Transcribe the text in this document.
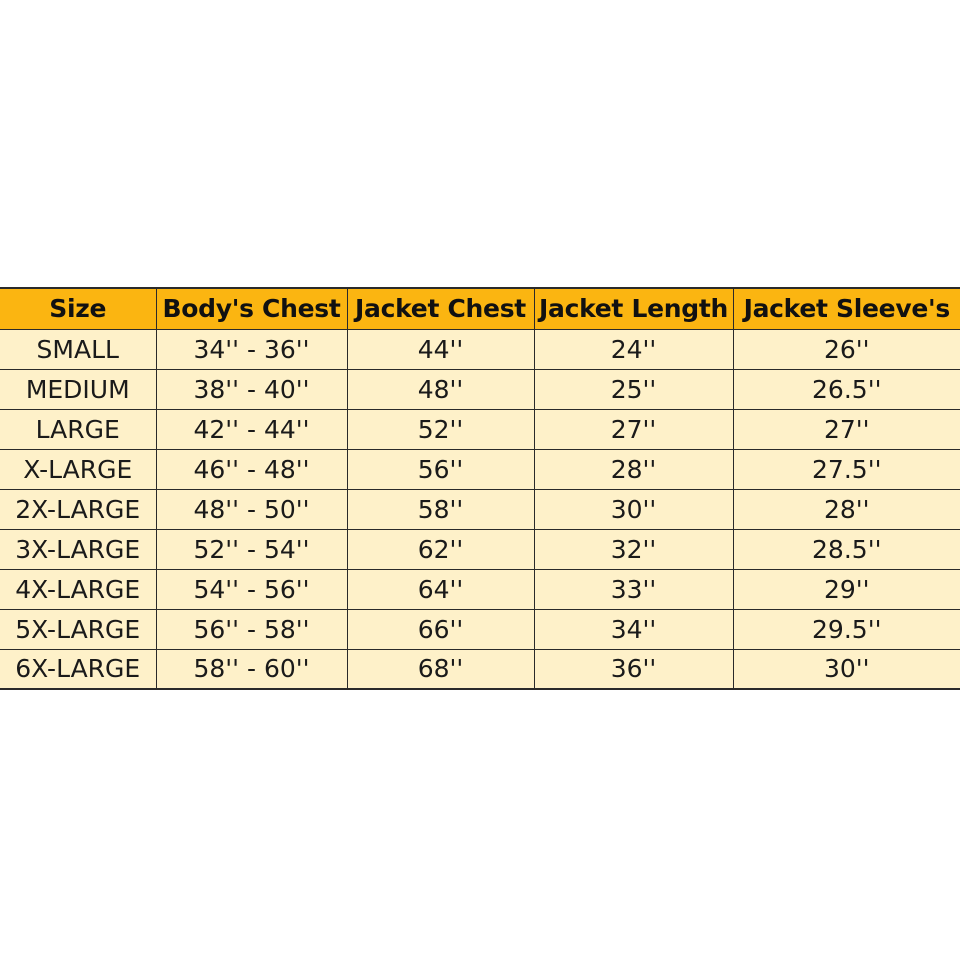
Size	Body's Chest	Jacket Chest	Jacket Length	Jacket Sleeve's
SMALL	34'' - 36''	44''	24''	26''
MEDIUM	38'' - 40''	48''	25''	26.5''
LARGE	42'' - 44''	52''	27''	27''
X-LARGE	46'' - 48''	56''	28''	27.5''
2X-LARGE	48'' - 50''	58''	30''	28''
3X-LARGE	52'' - 54''	62''	32''	28.5''
4X-LARGE	54'' - 56''	64''	33''	29''
5X-LARGE	56'' - 58''	66''	34''	29.5''
6X-LARGE	58'' - 60''	68''	36''	30''
